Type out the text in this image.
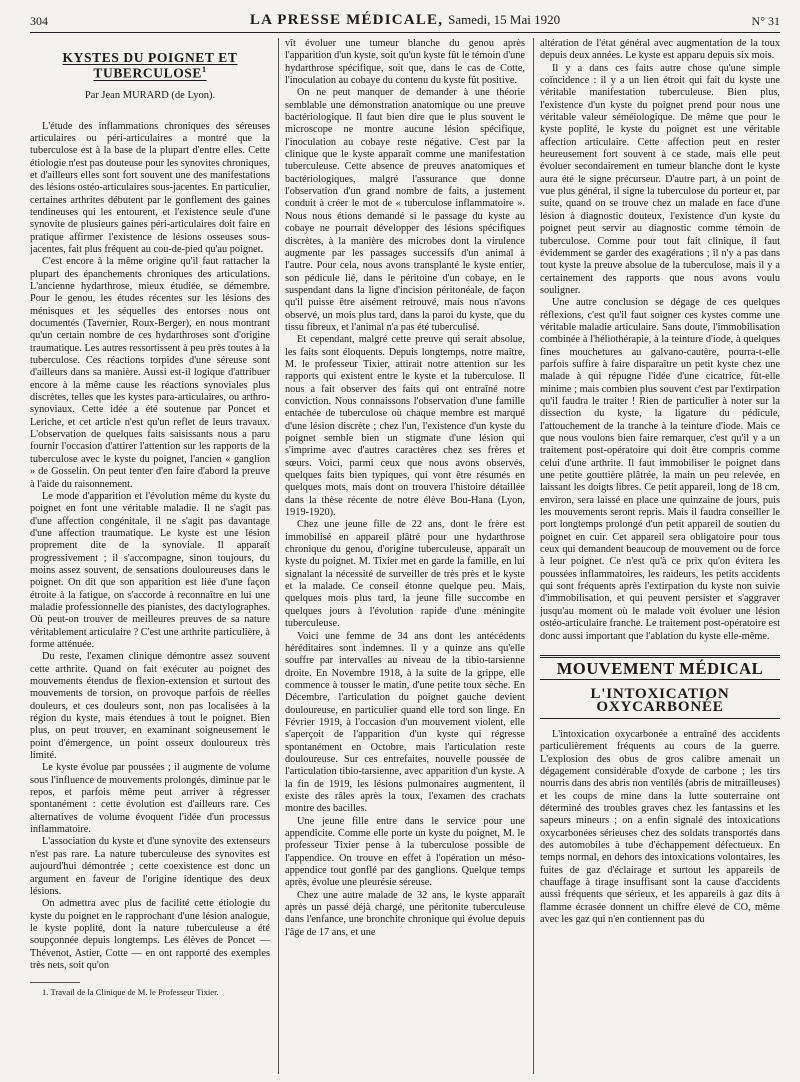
304	LA PRESSE MÉDICALE, Samedi, 15 Mai 1920	N° 31
KYSTES DU POIGNET ET TUBERCULOSE$^1$
Par Jean MURARD (de Lyon).

L'étude des inflammations chroniques des séreuses articulaires ou péri-articulaires a montré que la tuberculose est à la base de la plupart d'entre elles. Cette étiologie n'est pas douteuse pour les synovites chroniques, et d'ailleurs elles sont fort souvent une des manifestations des lésions ostéo-articulaires sous-jacentes. En particulier, certaines arthrites débutent par le gonflement des gaines tendineuses qui les entourent, et l'existence seule d'une synovite de plusieurs gaines péri-articulaires doit faire en pratique affirmer l'existence de lésions osseuses sous-jacentes, fait plus fréquent au cou-de-pied qu'au poignet.

C'est encore à la même origine qu'il faut rattacher la plupart des épanchements chroniques des articulations. L'ancienne hydarthrose, mieux étudiée, se démembre. Pour le genou, les études récentes sur les lésions des ménisques et les séquelles des entorses nous ont documentés (Tavernier, Roux-Berger), en nous montrant qu'un certain nombre de ces hydarthroses sont d'origine traumatique. Les autres ressortissent à peu près toutes à la tuberculose. Ces réactions torpides d'une séreuse sont d'ailleurs dans sa manière. Aussi est-il logique d'attribuer encore à la même cause les réactions synoviales plus discrètes, telles que les kystes para-articulaires, ou arthro-synoviaux. Cette idée a été soutenue par Poncet et Leriche, et cet article n'est qu'un reflet de leurs travaux. L'observation de quelques faits saisissants nous a paru fournir l'occasion d'attirer l'attention sur les rapports de la tuberculose avec le kyste du poignet, l'ancien « ganglion » de Gosselin. On peut tenter d'en faire d'abord la preuve à l'aide du raisonnement.

Le mode d'apparition et l'évolution même du kyste du poignet en font une véritable maladie. Il ne s'agit pas d'une affection congénitale, il ne s'agit pas davantage d'une affection traumatique. Le kyste est une lésion proprement dite de la synoviale. Il apparaît progressivement ; il s'accompagne, sinon toujours, du moins assez souvent, de sensations douloureuses dans le poignet. On dit que son apparition est liée d'une façon étroite à la fatigue, on s'accorde à reconnaître en lui une maladie professionnelle des pianistes, des dactylographes. Où peut-on trouver de meilleures preuves de sa nature véritablement articulaire ? C'est une arthrite particulière, à forme atténuée.

Du reste, l'examen clinique démontre assez souvent cette arthrite. Quand on fait exécuter au poignet des mouvements étendus de flexion-extension et surtout des mouvements de torsion, on provoque parfois de réelles douleurs, et ces douleurs sont, non pas localisées à la région du kyste, mais étendues à tout le poignet. Bien plus, on peut trouver, en examinant soigneusement le point d'émergence, un point osseux douloureux très limité.

Le kyste évolue par poussées ; il augmente de volume sous l'influence de mouvements prolongés, diminue par le repos, et parfois même peut arriver à régresser spontanément : cette évolution est d'ailleurs rare. Ces alternatives de volume évoquent l'idée d'un processus inflammatoire.

L'association du kyste et d'une synovite des extenseurs n'est pas rare. La nature tuberculeuse des synovites est aujourd'hui démontrée ; cette coexistence est donc un argument en faveur de l'origine identique des deux lésions.

On admettra avec plus de facilité cette étiologie du kyste du poignet en le rapprochant d'une lésion analogue, le kyste poplité, dont la nature tuberculeuse a été soupçonnée depuis longtemps. Les élèves de Poncet — Thévenot, Astier, Cotte — en ont rapporté des exemples très nets, soit qu'on

1. Travail de la Clinique de M. le Professeur Tixier.

vît évoluer une tumeur blanche du genou après l'apparition d'un kyste, soit qu'un kyste fût le témoin d'une hydarthrose spécifique, soit que, dans le cas de Cotte, l'inoculation au cobaye du contenu du kyste fût positive.

On ne peut manquer de demander à une théorie semblable une démonstration anatomique ou une preuve bactériologique. Il faut bien dire que le plus souvent le microscope ne montre aucune lésion spécifique, l'inoculation au cobaye reste négative. C'est par la clinique que le kyste apparaît comme une manifestation tuberculeuse. Cette absence de preuves anatomiques et bactériologiques, malgré l'assurance que donne l'observation d'un grand nombre de faits, a justement conduit à créer le mot de « tuberculose inflammatoire ». Nous nous étions demandé si le passage du kyste au cobaye ne pourrait développer des lésions spécifiques discrètes, à la manière des microbes dont la virulence augmente par les passages successifs d'un animal à l'autre. Pour cela, nous avons transplanté le kyste entier, son pédicule lié, dans le péritoine d'un cobaye, en le suspendant dans la ligne d'incision péritonéale, de façon qu'il puisse être aisément retrouvé, mais nous n'avons observé, un mois plus tard, dans la paroi du kyste, que du tissu fibreux, et l'animal n'a pas été tuberculisé.

Et cependant, malgré cette preuve qui serait absolue, les faits sont éloquents. Depuis longtemps, notre maître, M. le professeur Tixier, attirait notre attention sur les rapports qui existent entre le kyste et la tuberculose. Il nous a fait observer des faits qui ont entraîné notre conviction. Nous connaissons l'observation d'une famille entachée de tuberculose où chaque membre est marqué d'une lésion discrète ; chez l'un, l'existence d'un kyste du poignet semble bien un stigmate d'une lésion qui s'imprime avec d'autres caractères chez ses frères et sœurs. Voici, parmi ceux que nous avons observés, quelques faits bien typiques, qui vont être résumés en quelques mots, mais dont on trouvera l'histoire détaillée dans la thèse récente de notre élève Bou-Hana (Lyon, 1919-1920).

Chez une jeune fille de 22 ans, dont le frère est immobilisé en appareil plâtré pour une hydarthrose chronique du genou, d'origine tuberculeuse, apparaît un kyste du poignet. M. Tixier met en garde la famille, en lui signalant la nécessité de surveiller de très près et le kyste et la malade. Ce conseil étonne quelque peu. Mais, quelques mois plus tard, la jeune fille succombe en quelques jours à l'évolution rapide d'une méningite tuberculeuse.

Voici une femme de 34 ans dont les antécédents héréditaires sont indemnes. Il y a quinze ans qu'elle souffre par intervalles au niveau de la tibio-tarsienne droite. En Novembre 1918, à la suite de la grippe, elle commence à tousser le matin, d'une petite toux sèche. En Décembre, l'articulation du poignet gauche devient douloureuse, en particulier quand elle tord son linge. En Février 1919, à l'occasion d'un mouvement violent, elle s'aperçoit de l'apparition d'un kyste qui régresse spontanément en Octobre, mais l'articulation reste douloureuse. Sur ces entrefaites, nouvelle poussée de l'articulation tibio-tarsienne, avec apparition d'un kyste. A la fin de 1919, les lésions pulmonaires augmentent, il existe des râles après la toux, l'examen des crachats montre des bacilles.

Une jeune fille entre dans le service pour une appendicite. Comme elle porte un kyste du poignet, M. le professeur Tixier pense à la tuberculose possible de l'appendice. On trouve en effet à l'opération un méso-appendice tout gonflé par des ganglions. Quelque temps après, évolue une pleurésie séreuse.

Chez une autre malade de 32 ans, le kyste apparaît après un passé déjà chargé, une péritonite tuberculeuse dans l'enfance, une bronchite chronique qui évolue depuis l'âge de 17 ans, et une

altération de l'état général avec augmentation de la toux depuis deux années. Le kyste est apparu depuis six mois.

Il y a dans ces faits autre chose qu'une simple coïncidence : il y a un lien étroit qui fait du kyste une véritable manifestation tuberculeuse. Bien plus, l'existence d'un kyste du poignet prend pour nous une véritable valeur séméiologique. De même que pour le kyste poplité, le kyste du poignet est une véritable affection articulaire. Cette affection peut en rester heureusement fort souvent à ce stade, mais elle peut évoluer secondairement en tumeur blanche dont le kyste aura été le signe précurseur. D'autre part, à un point de vue plus général, il signe la tuberculose du porteur et, par suite, quand on se trouve chez un malade en face d'une lésion à diagnostic douteux, l'existence d'un kyste du poignet peut servir au diagnostic comme témoin de tuberculose. Comme pour tout fait clinique, il faut évidemment se garder des exagérations ; il n'y a pas dans tout kyste la preuve absolue de la tuberculose, mais il y a certainement des rapports que nous avons voulu souligner.

Une autre conclusion se dégage de ces quelques réflexions, c'est qu'il faut soigner ces kystes comme une véritable maladie articulaire. Sans doute, l'immobilisation combinée à l'héliothérapie, à la teinture d'iode, à quelques fines mouchetures au galvano-cautère, pourra-t-elle parfois suffire à faire disparaître un petit kyste chez une malade à qui répugne l'idée d'une cicatrice, fût-elle minime ; mais combien plus souvent c'est par l'extirpation qu'il faudra le traiter ! Rien de particulier à noter sur la dissection du kyste, la ligature du pédicule, l'attouchement de la tranche à la teinture d'iode. Mais ce que nous voulons bien faire remarquer, c'est qu'il y a un traitement post-opératoire qui doit être compris comme celui d'une arthrite. Il faut immobiliser le poignet dans une petite gouttière plâtrée, la main un peu relevée, en laissant les doigts libres. Ce petit appareil, long de 18 cm. environ, sera laissé en place une quinzaine de jours, puis les mouvements seront repris. Mais il faudra conseiller le port longtemps prolongé d'un petit appareil de soutien du poignet en cuir. Cet appareil sera obligatoire pour tous ceux qui demandent beaucoup de mouvement ou de force à leur poignet. Ce n'est qu'à ce prix qu'on évitera les poussées inflammatoires, les raideurs, les petits accidents qui sont fréquents après l'extirpation du kyste non suivie d'immobilisation, et qui peuvent persister et s'aggraver jusqu'au moment où le malade voit évoluer une lésion ostéo-articulaire franche. Le traitement post-opératoire est donc aussi important que l'ablation du kyste elle-même.

MOUVEMENT MÉDICAL
L'INTOXICATION OXYCARBONÉE

L'intoxication oxycarbonée a entraîné des accidents particulièrement fréquents au cours de la guerre. L'explosion des obus de gros calibre amenait un dégagement considérable d'oxyde de carbone ; les tirs nourris dans des abris non ventilés (abris de mitrailleuses) et les coups de mine dans la lutte souterraine ont déterminé des troubles graves chez les fantassins et les sapeurs mineurs ; on a enfin signalé des intoxications oxycarbonées sérieuses chez des soldats transportés dans des automobiles à tube d'échappement défectueux. En temps normal, en dehors des intoxications volontaires, les fuites de gaz d'éclairage et surtout les appareils de chauffage à tirage insuffisant sont la cause d'accidents aussi fréquents que sérieux, et les appareils à gaz dits à flamme écrasée donnent un chiffre élevé de CO, même avec les gaz qui n'en contiennent pas du
